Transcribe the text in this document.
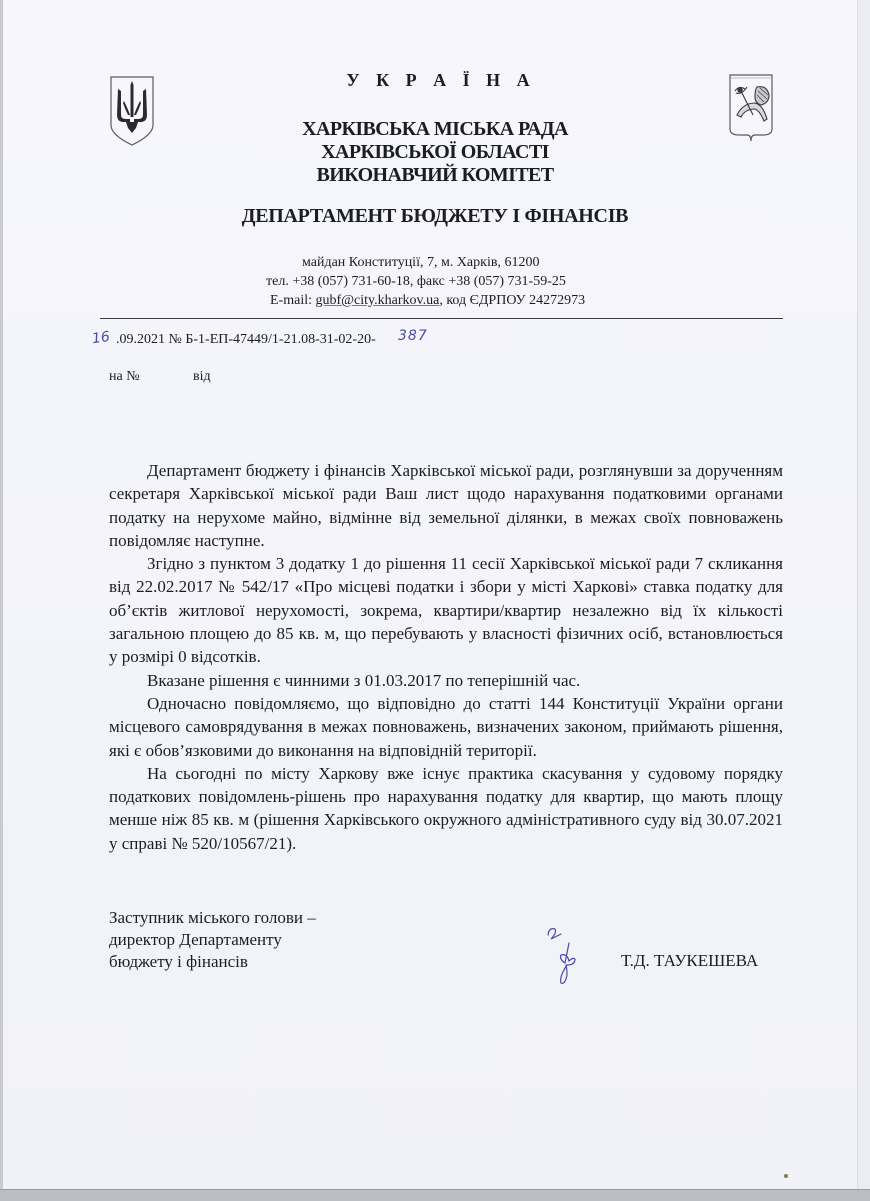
У К Р А Ї Н А
ХАРКІВСЬКА МІСЬКА РАДА
ХАРКІВСЬКОЇ ОБЛАСТІ
ВИКОНАВЧИЙ КОМІТЕТ
ДЕПАРТАМЕНТ БЮДЖЕТУ І ФІНАНСІВ
майдан Конституції, 7, м. Харків, 61200
тел. +38 (057) 731-60-18, факс +38 (057) 731-59-25
E-mail: gubf@city.kharkov.ua, код ЄДРПОУ 24272973
16 .09.2021 № Б-1-ЕП-47449/1-21.08-31-02-20- 387
на №	від

Департамент бюджету і фінансів Харківської міської ради, розглянувши за дорученням секретаря Харківської міської ради Ваш лист щодо нарахування податковими органами податку на нерухоме майно, відмінне від земельної ділянки, в межах своїх повноважень повідомляє наступне.

Згідно з пунктом 3 додатку 1 до рішення 11 сесії Харківської міської ради 7 скликання від 22.02.2017 № 542/17 «Про місцеві податки і збори у місті Харкові» ставка податку для об’єктів житлової нерухомості, зокрема, квартири/квартир незалежно від їх кількості загальною площею до 85 кв. м, що перебувають у власності фізичних осіб, встановлюється у розмірі 0 відсотків.

Вказане рішення є чинними з 01.03.2017 по теперішній час.

Одночасно повідомляємо, що відповідно до статті 144 Конституції України органи місцевого самоврядування в межах повноважень, визначених законом, приймають рішення, які є обов’язковими до виконання на відповідній території.

На сьогодні по місту Харкову вже існує практика скасування у судовому порядку податкових повідомлень-рішень про нарахування податку для квартир, що мають площу менше ніж 85 кв. м (рішення Харківського окружного адміністративного суду від 30.07.2021 у справі № 520/10567/21).

Заступник міського голови –
директор Департаменту
бюджету і фінансів	Т.Д. ТАУКЕШЕВА
